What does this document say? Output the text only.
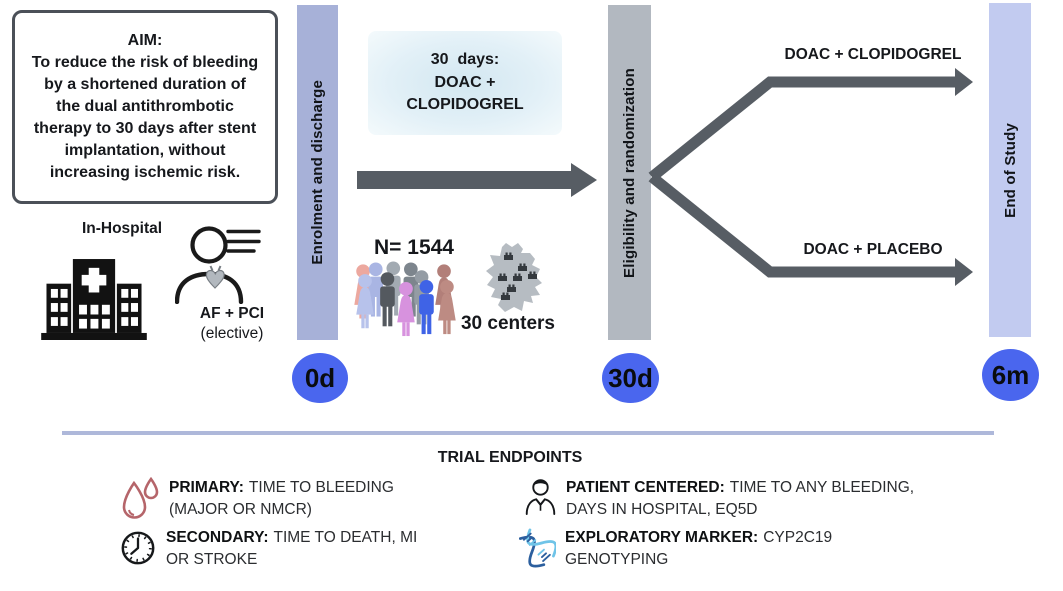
AIM:
To reduce the risk of bleeding by a shortened duration of the dual antithrombotic therapy to 30 days after stent implantation, without increasing ischemic risk.
In-Hospital
AF + PCI
(elective)
Enrolment and discharge	Eligibility and randomization	End of Study
0d	30d	6m
30  days:
DOAC +
CLOPIDOGREL
N= 1544
30 centers
DOAC + CLOPIDOGREL
DOAC + PLACEBO
TRIAL ENDPOINTS
PRIMARY: TIME TO BLEEDING (MAJOR OR NMCR)
SECONDARY: TIME TO DEATH, MI OR STROKE
PATIENT CENTERED: TIME TO ANY BLEEDING, DAYS IN HOSPITAL, EQ5D
EXPLORATORY MARKER: CYP2C19 GENOTYPING
